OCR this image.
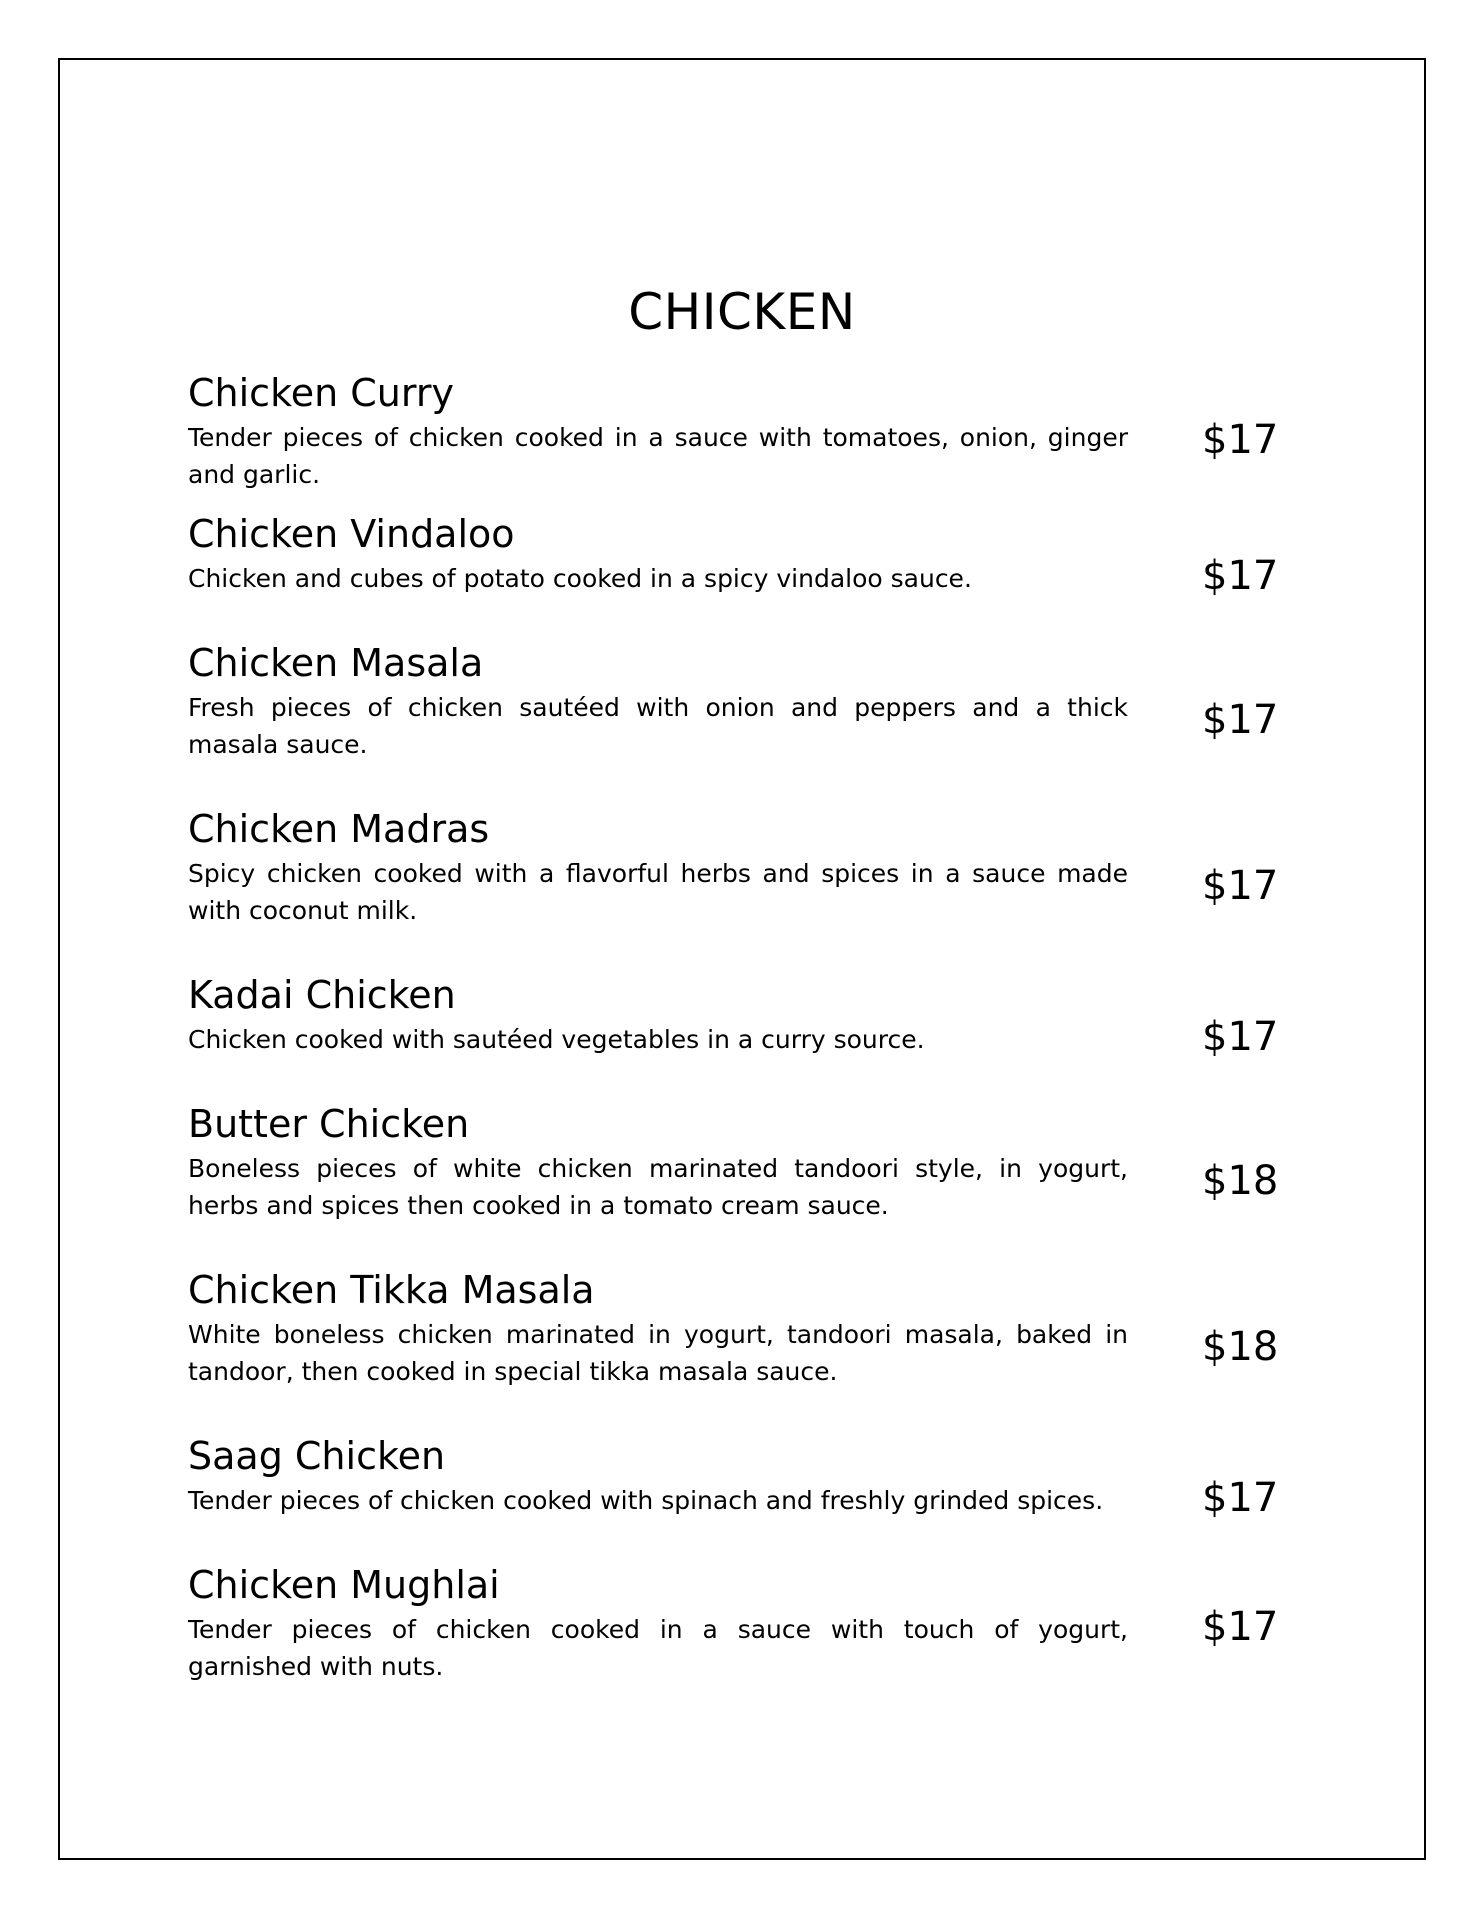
CHICKEN
Chicken Curry
Tender pieces of chicken cooked in a sauce with tomatoes, onion, ginger and garlic.
$17
Chicken Vindaloo
Chicken and cubes of potato cooked in a spicy vindaloo sauce.	$17
Chicken Masala
Fresh pieces of chicken sautéed with onion and peppers and a thick masala sauce.
$17
Chicken Madras
Spicy chicken cooked with a flavorful herbs and spices in a sauce made with coconut milk.
$17
Kadai Chicken
Chicken cooked with sautéed vegetables in a curry source.	$17
Butter Chicken
Boneless pieces of white chicken marinated tandoori style, in yogurt, herbs and spices then cooked in a tomato cream sauce.
$18
Chicken Tikka Masala
White boneless chicken marinated in yogurt, tandoori masala, baked in tandoor, then cooked in special tikka masala sauce.
$18
Saag Chicken
Tender pieces of chicken cooked with spinach and freshly grinded spices.	$17
Chicken Mughlai
Tender pieces of chicken cooked in a sauce with touch of yogurt, garnished with nuts.
$17
